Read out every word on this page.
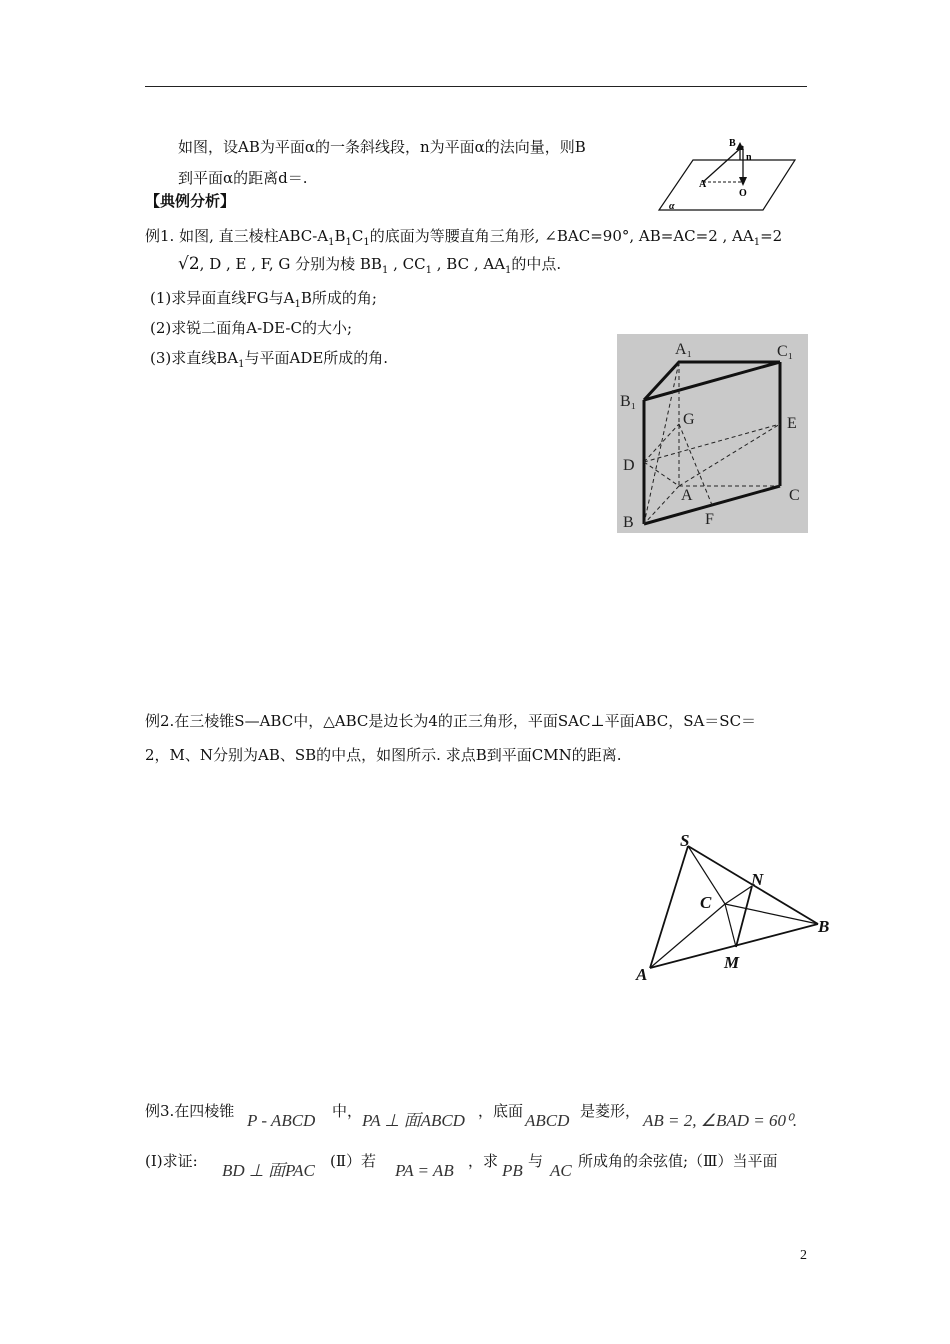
如图，设AB为平面α的一条斜线段，n为平面α的法向量，则B
到平面α的距离d＝.
B
n
A
O
α
【典例分析】
例1. 如图, 直三棱柱ABC-$A_1B_1C_1$的底面为等腰直角三角形, ∠BAC=90°, AB=AC=2 , $AA_1=2$
√2, D , E , F, G 分别为棱 $BB_1$ , $CC_1$ , BC , $AA_1$的中点.
(1)求异面直线FG与$A_1B$所成的角;
(2)求锐二面角A-DE-C的大小;
(3)求直线$BA_1$与平面ADE所成的角.	A₁	C₁
B₁
G	E
D
A	C
B	F
例2.在三棱锥S—ABC中，△ABC是边长为4的正三角形，平面SAC⊥平面ABC，SA＝SC＝
2，M、N分别为AB、SB的中点，如图所示. 求点B到平面CMN的距离.
S
N
C
B
M
A
例3.在四棱锥 P - ABCD 中， PA ⊥ 面ABCD ，底面 ABCD 是菱形， AB = 2, ∠BAD = 60⁰.
(Ⅰ)求证: BD ⊥ 面PAC (Ⅱ）若 PA = AB ，求 PB 与 AC 所成角的余弦值;（Ⅲ）当平面
2
